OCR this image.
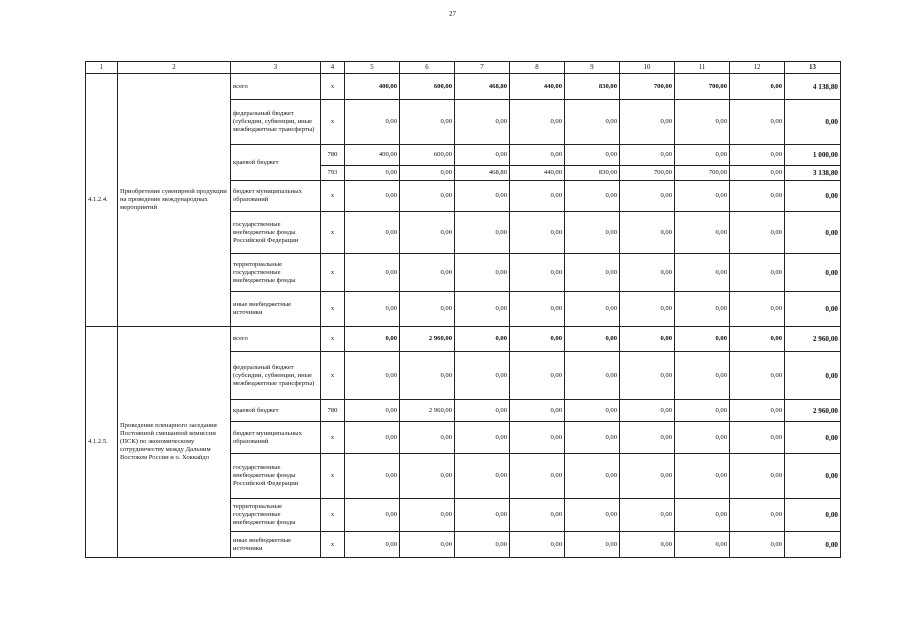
27
1	2	3	4	5	6	7	8	9	10	11	12	13
4.1.2.4.	Приобретение сувенирной продукции на проведение международных мероприятий	всего	x	400,00	600,00	468,80	440,00	830,00	700,00	700,00	0,00	4 138,80
		федеральный бюджет (субсидии, субвенции, иные межбюджетные трансферты)	x	0,00	0,00	0,00	0,00	0,00	0,00	0,00	0,00	0,00
		краевой бюджет	780	400,00	600,00	0,00	0,00	0,00	0,00	0,00	0,00	1 000,00
			793	0,00	0,00	468,80	440,00	830,00	700,00	700,00	0,00	3 138,80
		бюджет муниципальных образований	x	0,00	0,00	0,00	0,00	0,00	0,00	0,00	0,00	0,00
		государственные внебюджетные фонды Российской Федерации	x	0,00	0,00	0,00	0,00	0,00	0,00	0,00	0,00	0,00
		территориальные государственные внебюджетные фонды	x	0,00	0,00	0,00	0,00	0,00	0,00	0,00	0,00	0,00
		иные внебюджетные источники	x	0,00	0,00	0,00	0,00	0,00	0,00	0,00	0,00	0,00
4.1.2.5.	Проведение пленарного заседания Постоянной смешанной комиссии (ПСК) по экономическому сотрудничеству между Дальним Востоком России и о. Хоккайдо	всего	x	0,00	2 960,00	0,00	0,00	0,00	0,00	0,00	0,00	2 960,00
		федеральный бюджет (субсидии, субвенции, иные межбюджетные трансферты)	x	0,00	0,00	0,00	0,00	0,00	0,00	0,00	0,00	0,00
		краевой бюджет	780	0,00	2 960,00	0,00	0,00	0,00	0,00	0,00	0,00	2 960,00
		бюджет муниципальных образований	x	0,00	0,00	0,00	0,00	0,00	0,00	0,00	0,00	0,00
		государственные внебюджетные фонды Российской Федерации	x	0,00	0,00	0,00	0,00	0,00	0,00	0,00	0,00	0,00
		территориальные государственные внебюджетные фонды	x	0,00	0,00	0,00	0,00	0,00	0,00	0,00	0,00	0,00
		иные внебюджетные источники	x	0,00	0,00	0,00	0,00	0,00	0,00	0,00	0,00	0,00
